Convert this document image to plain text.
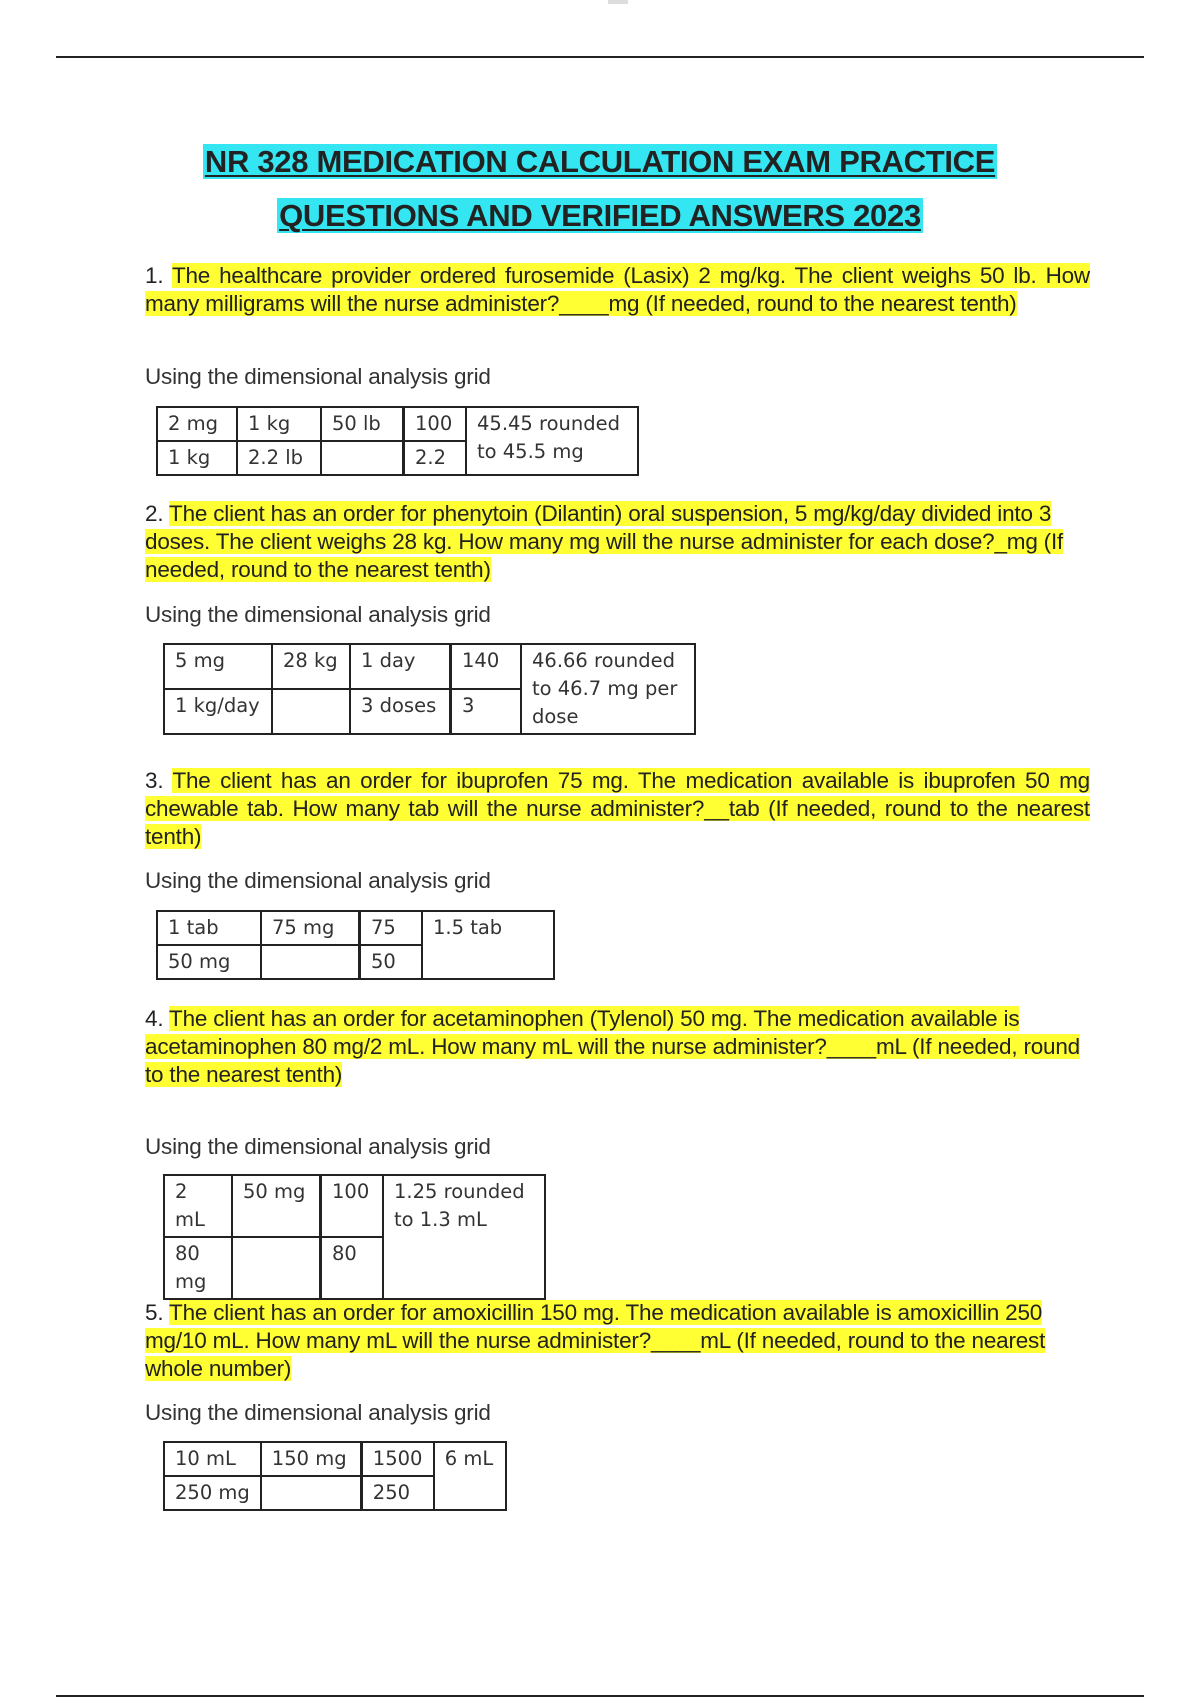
NR 328 MEDICATION CALCULATION EXAM PRACTICE
QUESTIONS AND VERIFIED ANSWERS 2023
1. The healthcare provider ordered furosemide (Lasix) 2 mg/kg. The client weighs 50 lb. How many milligrams will the nurse administer?____mg (If needed, round to the nearest tenth)
Using the dimensional analysis grid
2 mg	1 kg	50 lb	100	45.45 rounded to 45.5 mg
1 kg	2.2 lb		2.2	
2. The client has an order for phenytoin (Dilantin) oral suspension, 5 mg/kg/day divided into 3 doses. The client weighs 28 kg. How many mg will the nurse administer for each dose?_mg (If needed, round to the nearest tenth)
Using the dimensional analysis grid
5 mg	28 kg	1 day	140	46.66 rounded to 46.7 mg per dose
1 kg/day		3 doses	3	
3. The client has an order for ibuprofen 75 mg. The medication available is ibuprofen 50 mg chewable tab. How many tab will the nurse administer?__tab (If needed, round to the nearest tenth)
Using the dimensional analysis grid
1 tab	75 mg	75	1.5 tab
50 mg		50	
4. The client has an order for acetaminophen (Tylenol) 50 mg. The medication available is acetaminophen 80 mg/2 mL. How many mL will the nurse administer?____mL (If needed, round to the nearest tenth)
Using the dimensional analysis grid
2 mL	50 mg	100	1.25 rounded to 1.3 mL
80 mg		80	
5. The client has an order for amoxicillin 150 mg. The medication available is amoxicillin 250 mg/10 mL. How many mL will the nurse administer?____mL (If needed, round to the nearest whole number)
Using the dimensional analysis grid
10 mL	150 mg	1500	6 mL
250 mg		250	
